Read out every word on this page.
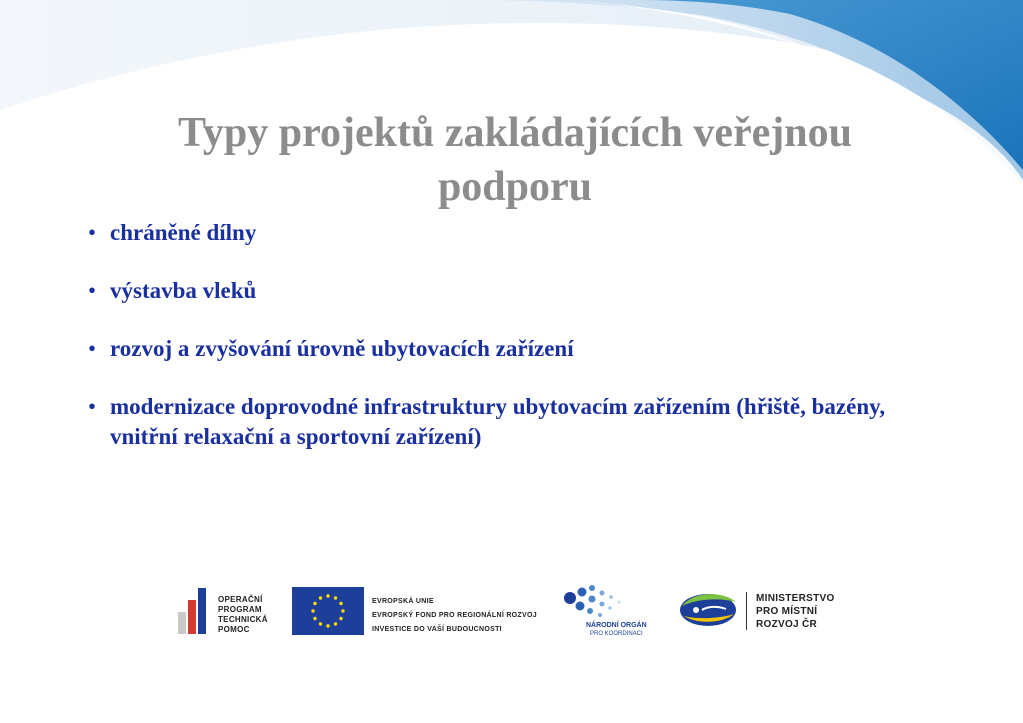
Typy projektů zakládajících veřejnou podporu
• chráněné dílny
• výstavba vleků
• rozvoj a zvyšování úrovně ubytovacích zařízení
• modernizace doprovodné infrastruktury ubytovacím zařízením (hřiště, bazény, vnitřní relaxační a sportovní zařízení)
OPERAČNÍ
PROGRAM
TECHNICKÁ
POMOC
EVROPSKÁ UNIE
EVROPSKÝ FOND PRO REGIONÁLNÍ ROZVOJ
INVESTICE DO VAŠÍ BUDOUCNOSTI
NÁRODNÍ ORGÁN
PRO KOORDINACI
MINISTERSTVO
PRO MÍSTNÍ
ROZVOJ ČR
